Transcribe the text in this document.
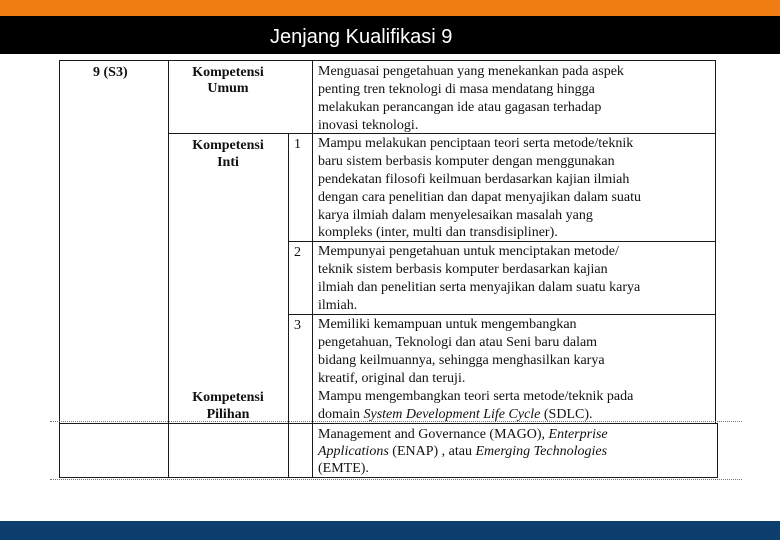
Jenjang Kualifikasi 9
9 (S3)	Kompetensi
Umum
Menguasai pengetahuan yang menekankan pada aspek
penting tren teknologi di masa mendatang hingga
melakukan perancangan ide atau gagasan terhadap
inovasi teknologi.
Kompetensi
Inti
1 Mampu melakukan penciptaan teori serta metode/teknik
baru sistem berbasis komputer dengan menggunakan
pendekatan filosofi keilmuan berdasarkan kajian ilmiah
dengan cara penelitian dan dapat menyajikan dalam suatu
karya ilmiah dalam menyelesaikan masalah yang
kompleks (inter, multi dan transdisipliner).
2 Mempunyai pengetahuan untuk menciptakan metode/
teknik sistem berbasis komputer berdasarkan kajian
ilmiah dan penelitian serta menyajikan dalam suatu karya
ilmiah.
3 Memiliki kemampuan untuk mengembangkan
pengetahuan, Teknologi dan atau Seni baru dalam
bidang keilmuannya, sehingga menghasilkan karya
kreatif, original dan teruji.
Kompetensi
Pilihan
Mampu mengembangkan teori serta metode/teknik pada
domain System Development Life Cycle (SDLC).
Management and Governance (MAGO), Enterprise
Applications (ENAP) , atau Emerging Technologies
(EMTE).
